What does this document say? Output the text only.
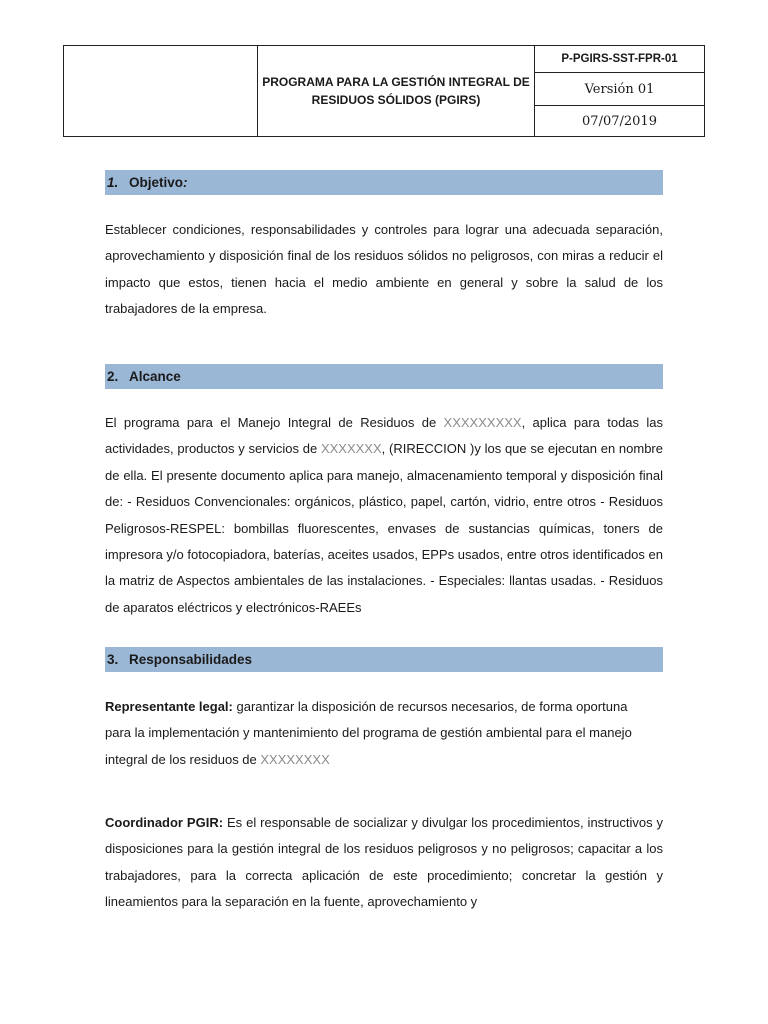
	PROGRAMA PARA LA GESTIÓN INTEGRAL DE RESIDUOS SÓLIDOS (PGIRS)	P-PGIRS-SST-FPR-01
Versión 01
07/07/2019
1. Objetivo:
Establecer condiciones, responsabilidades y controles para lograr una adecuada separación, aprovechamiento y disposición final de los residuos sólidos no peligrosos, con miras a reducir el impacto que estos, tienen hacia el medio ambiente en general y sobre la salud de los trabajadores de la empresa.
2. Alcance
El programa para el Manejo Integral de Residuos de XXXXXXXXX, aplica para todas las actividades, productos y servicios de XXXXXXX, (RIRECCION )y los que se ejecutan en nombre de ella. El presente documento aplica para manejo, almacenamiento temporal y disposición final de: - Residuos Convencionales: orgánicos, plástico, papel, cartón, vidrio, entre otros - Residuos Peligrosos-RESPEL: bombillas fluorescentes, envases de sustancias químicas, toners de impresora y/o fotocopiadora, baterías, aceites usados, EPPs usados, entre otros identificados en la matriz de Aspectos ambientales de las instalaciones. - Especiales: llantas usadas. - Residuos de aparatos eléctricos y electrónicos-RAEEs
3. Responsabilidades
Representante legal: garantizar la disposición de recursos necesarios, de forma oportuna para la implementación y mantenimiento del programa de gestión ambiental para el manejo integral de los residuos de XXXXXXXX
Coordinador PGIR: Es el responsable de socializar y divulgar los procedimientos, instructivos y disposiciones para la gestión integral de los residuos peligrosos y no peligrosos; capacitar a los trabajadores, para la correcta aplicación de este procedimiento; concretar la gestión y lineamientos para la separación en la fuente, aprovechamiento y
